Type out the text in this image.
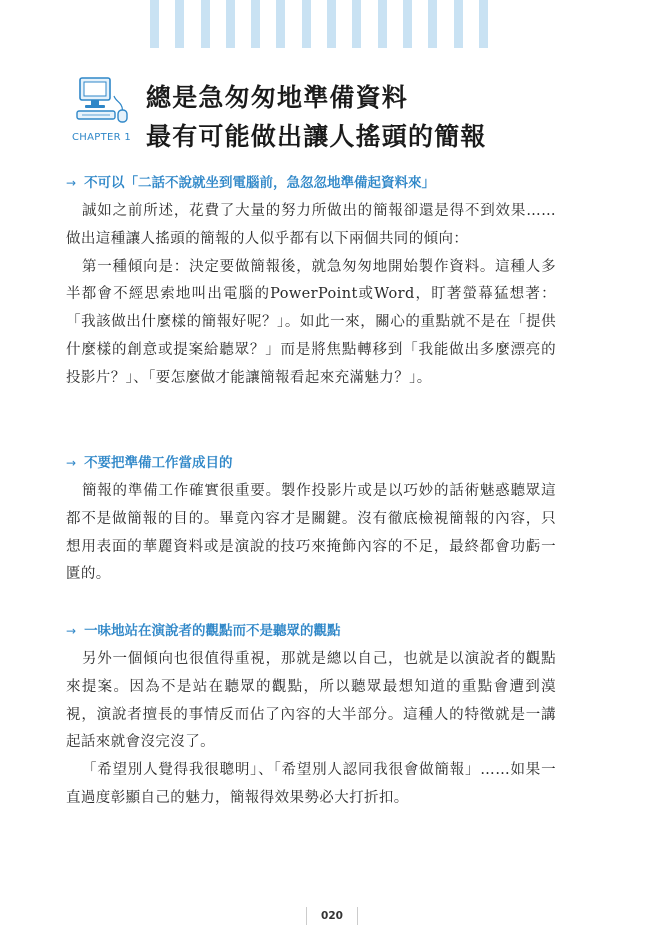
CHAPTER 1
總是急匆匆地準備資料
最有可能做出讓人搖頭的簡報
→ 不可以「二話不說就坐到電腦前，急忽忽地準備起資料來」

誠如之前所述，花費了大量的努力所做出的簡報卻還是得不到效果……做出這種讓人搖頭的簡報的人似乎都有以下兩個共同的傾向：

第一種傾向是：決定要做簡報後，就急匆匆地開始製作資料。這種人多半都會不經思索地叫出電腦的PowerPoint或Word，盯著螢幕猛想著：「我該做出什麼樣的簡報好呢？」。如此一來，關心的重點就不是在「提供什麼樣的創意或提案給聽眾？」而是將焦點轉移到「我能做出多麼漂亮的投影片？」、「要怎麼做才能讓簡報看起來充滿魅力？」。

→ 不要把準備工作當成目的

簡報的準備工作確實很重要。製作投影片或是以巧妙的話術魅惑聽眾這都不是做簡報的目的。畢竟內容才是關鍵。沒有徹底檢視簡報的內容，只想用表面的華麗資料或是演說的技巧來掩飾內容的不足，最終都會功虧一匱的。

→ 一味地站在演說者的觀點而不是聽眾的觀點

另外一個傾向也很值得重視，那就是總以自己，也就是以演說者的觀點來提案。因為不是站在聽眾的觀點，所以聽眾最想知道的重點會遭到漠視，演說者擅長的事情反而佔了內容的大半部分。這種人的特徵就是一講起話來就會沒完沒了。

「希望別人覺得我很聰明」、「希望別人認同我很會做簡報」……如果一直過度彰顯自己的魅力，簡報得效果勢必大打折扣。

020
